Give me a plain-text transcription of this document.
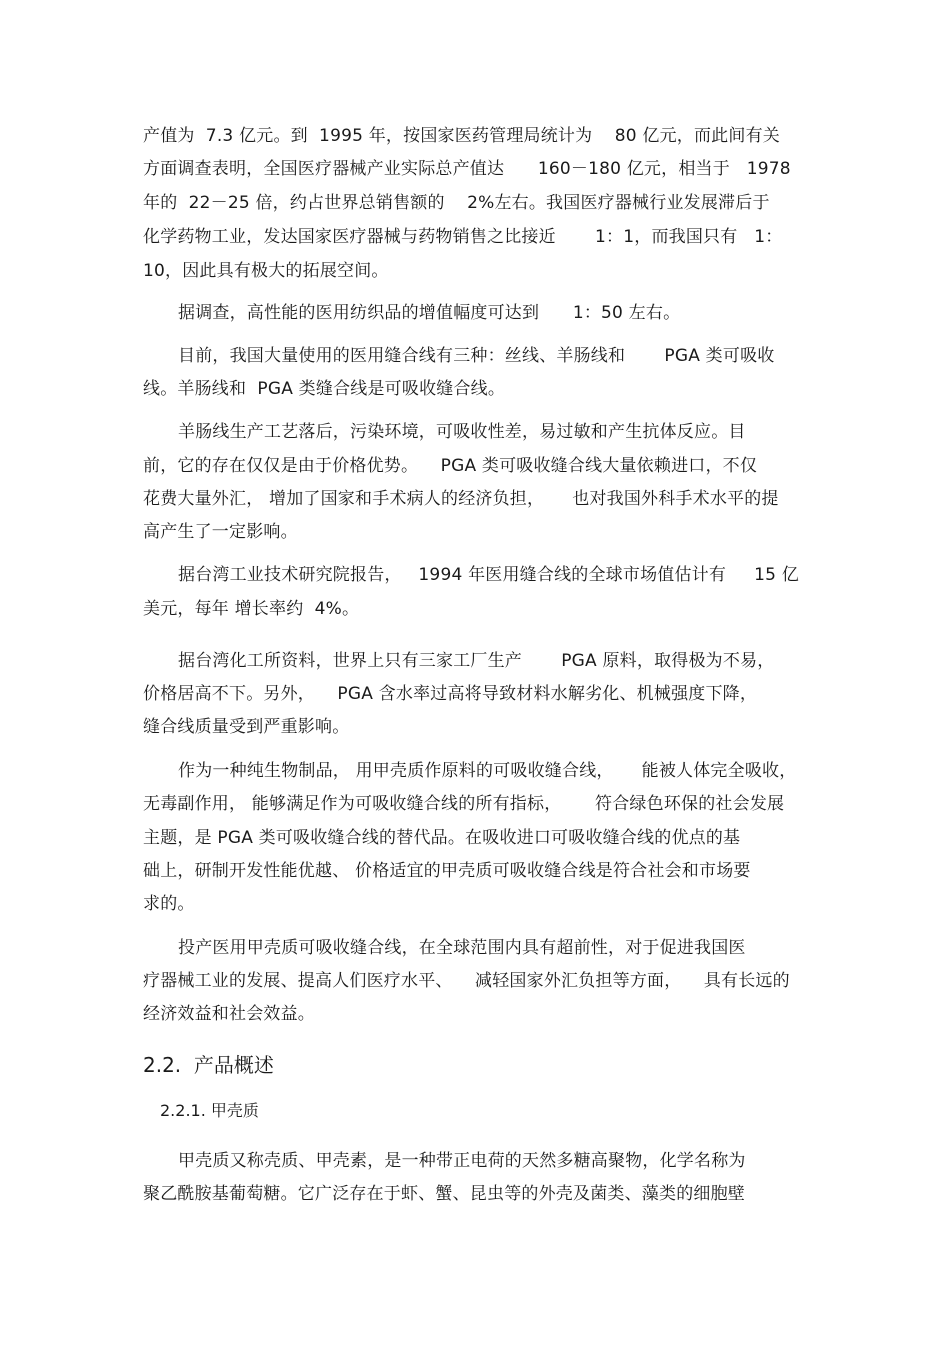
产值为  7.3 亿元。到  1995 年，按国家医药管理局统计为    80 亿元，而此间有关
方面调查表明，全国医疗器械产业实际总产值达      160－180 亿元，相当于   1978
年的  22－25 倍，约占世界总销售额的    2%左右。我国医疗器械行业发展滞后于
化学药物工业，发达国家医疗器械与药物销售之比接近       1：1，而我国只有   1：
10，因此具有极大的拓展空间。
据调查，高性能的医用纺织品的增值幅度可达到      1：50 左右。
目前，我国大量使用的医用缝合线有三种：丝线、羊肠线和       PGA 类可吸收
线。羊肠线和  PGA 类缝合线是可吸收缝合线。
羊肠线生产工艺落后，污染环境，可吸收性差，易过敏和产生抗体反应。目
前，它的存在仅仅是由于价格优势。    PGA 类可吸收缝合线大量依赖进口，不仅
花费大量外汇， 增加了国家和手术病人的经济负担，     也对我国外科手术水平的提
高产生了一定影响。
据台湾工业技术研究院报告，   1994 年医用缝合线的全球市场值估计有     15 亿
美元，每年 增长率约  4%。
据台湾化工所资料，世界上只有三家工厂生产       PGA 原料，取得极为不易，
价格居高不下。另外，    PGA 含水率过高将导致材料水解劣化、机械强度下降，
缝合线质量受到严重影响。
作为一种纯生物制品， 用甲壳质作原料的可吸收缝合线，     能被人体完全吸收，
无毒副作用， 能够满足作为可吸收缝合线的所有指标，      符合绿色环保的社会发展
主题，是 PGA 类可吸收缝合线的替代品。在吸收进口可吸收缝合线的优点的基
础上，研制开发性能优越、 价格适宜的甲壳质可吸收缝合线是符合社会和市场要
求的。
投产医用甲壳质可吸收缝合线，在全球范围内具有超前性，对于促进我国医
疗器械工业的发展、提高人们医疗水平、    减轻国家外汇负担等方面，    具有长远的
经济效益和社会效益。
2.2.  产品概述
2.2.1. 甲壳质
甲壳质又称壳质、甲壳素，是一种带正电荷的天然多糖高聚物，化学名称为
聚乙酰胺基葡萄糖。它广泛存在于虾、蟹、昆虫等的外壳及菌类、藻类的细胞壁
